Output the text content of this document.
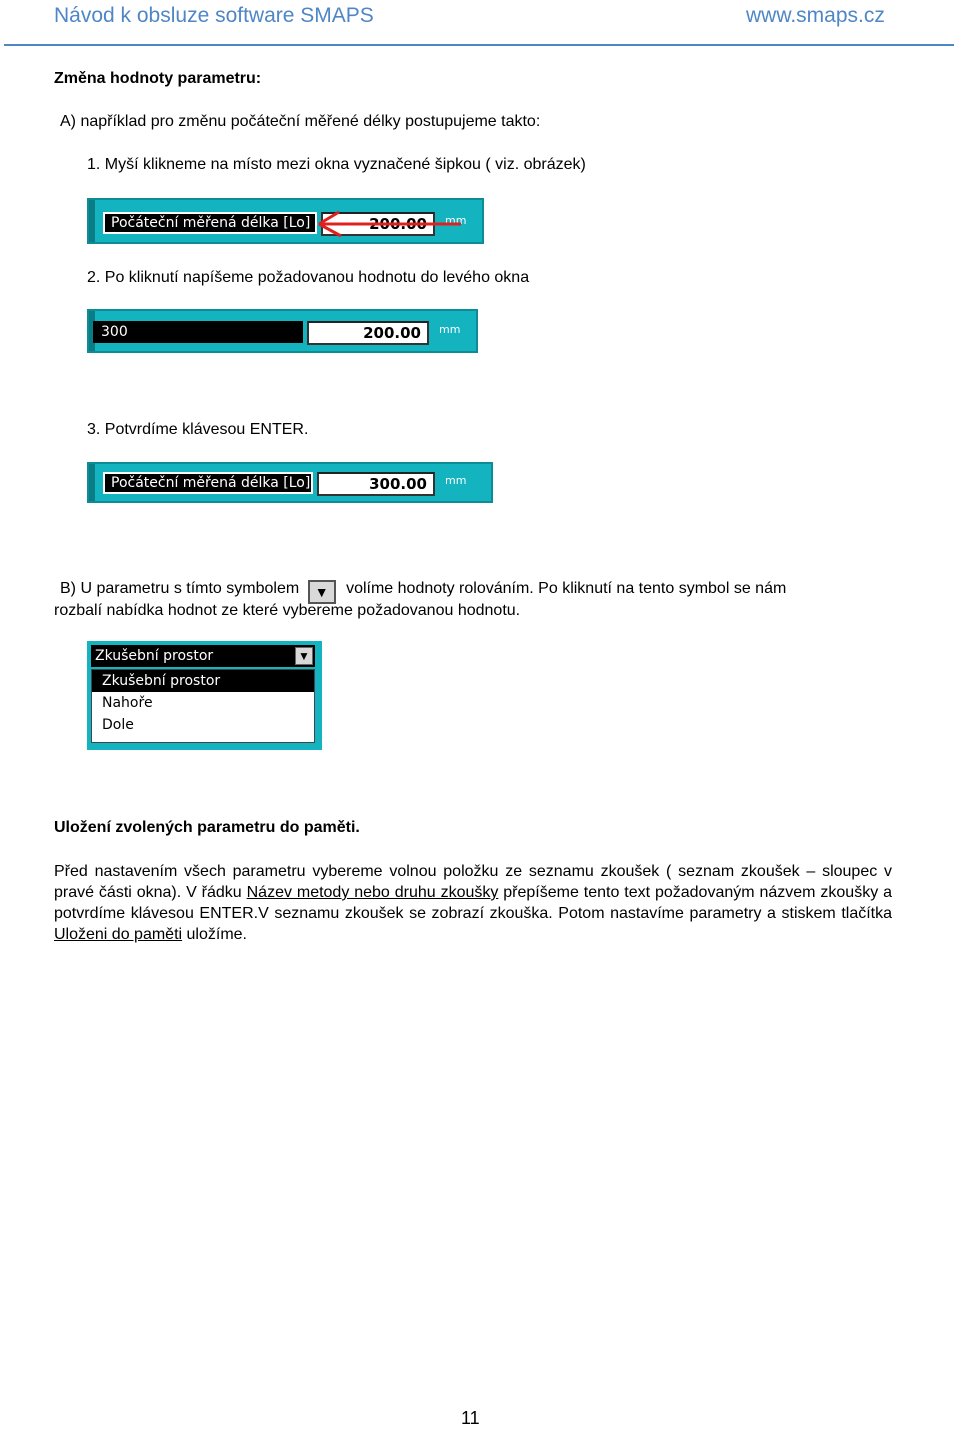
Návod k obsluze software SMAPS	www.smaps.cz
Změna hodnoty parametru:
A) například pro změnu počáteční měřené délky postupujeme takto:
1. Myší klikneme na místo mezi okna vyznačené šipkou ( viz. obrázek)
Počáteční měřená délka [Lo]	200.00	mm
2. Po kliknutí napíšeme požadovanou hodnotu do levého okna
300	200.00	mm
3. Potvrdíme klávesou ENTER.
Počáteční měřená délka [Lo]	300.00	mm
B) U parametru s tímto symbolem ▼ volíme hodnoty rolováním. Po kliknutí na tento symbol se nám
rozbalí nabídka hodnot ze které vybereme požadovanou hodnotu.
Zkušební prostor	▼
Zkušební prostor
Nahoře
Dole
Uložení zvolených parametru do paměti.
Před nastavením všech parametru vybereme volnou položku ze seznamu zkoušek ( seznam zkoušek – sloupec v pravé části okna). V řádku Název metody nebo druhu zkoušky přepíšeme tento text požadovaným názvem zkoušky a potvrdíme klávesou ENTER.V seznamu zkoušek se zobrazí zkouška. Potom nastavíme parametry a stiskem tlačítka Uloženi do paměti uložíme.
11
